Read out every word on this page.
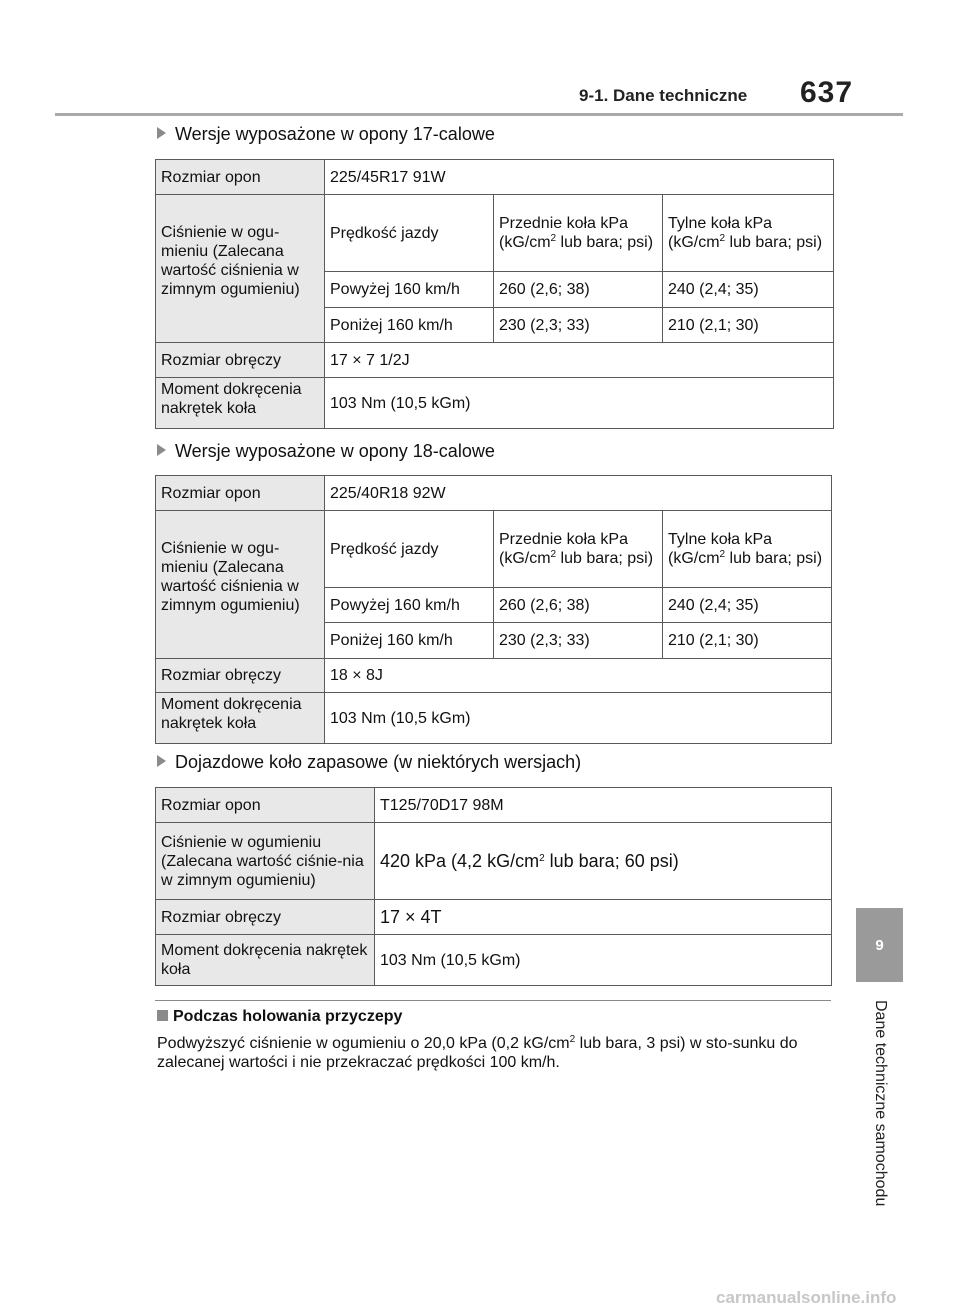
9-1. Dane techniczne 637
Wersje wyposażone w opony 17-calowe
Rozmiar opon	225/45R17 91W		
Ciśnienie w ogu-mieniu (Zalecana wartość ciśnienia w zimnym ogumieniu)	Prędkość jazdy	Przednie koła kPa ($kG/cm^2$ lub bara; psi)	Tylne koła kPa ($kG/cm^2$ lub bara; psi)
	Powyżej 160 km/h	260 (2,6; 38)	240 (2,4; 35)
	Poniżej 160 km/h	230 (2,3; 33)	210 (2,1; 30)
Rozmiar obręczy	17 × 7 1/2J		
Moment dokręcenia nakrętek koła	103 Nm (10,5 kGm)		
Wersje wyposażone w opony 18-calowe
Rozmiar opon	225/40R18 92W		
Ciśnienie w ogu-mieniu (Zalecana wartość ciśnienia w zimnym ogumieniu)	Prędkość jazdy	Przednie koła kPa ($kG/cm^2$ lub bara; psi)	Tylne koła kPa ($kG/cm^2$ lub bara; psi)
	Powyżej 160 km/h	260 (2,6; 38)	240 (2,4; 35)
	Poniżej 160 km/h	230 (2,3; 33)	210 (2,1; 30)
Rozmiar obręczy	18 × 8J		
Moment dokręcenia nakrętek koła	103 Nm (10,5 kGm)		
Dojazdowe koło zapasowe (w niektórych wersjach)
Rozmiar opon	T125/70D17 98M
Ciśnienie w ogumieniu (Zalecana wartość ciśnie-nia w zimnym ogumieniu)	420 kPa (4,2 $kG/cm^2$ lub bara; 60 psi)
Rozmiar obręczy	17 × 4T
Moment dokręcenia nakrętek koła	103 Nm (10,5 kGm)
Podczas holowania przyczepy
Podwyższyć ciśnienie w ogumieniu o 20,0 kPa (0,2 $kG/cm^2$ lub bara, 3 psi) w sto-sunku do zalecanej wartości i nie przekraczać prędkości 100 km/h.
9
Dane techniczne samochodu
carmanualsonline.info
